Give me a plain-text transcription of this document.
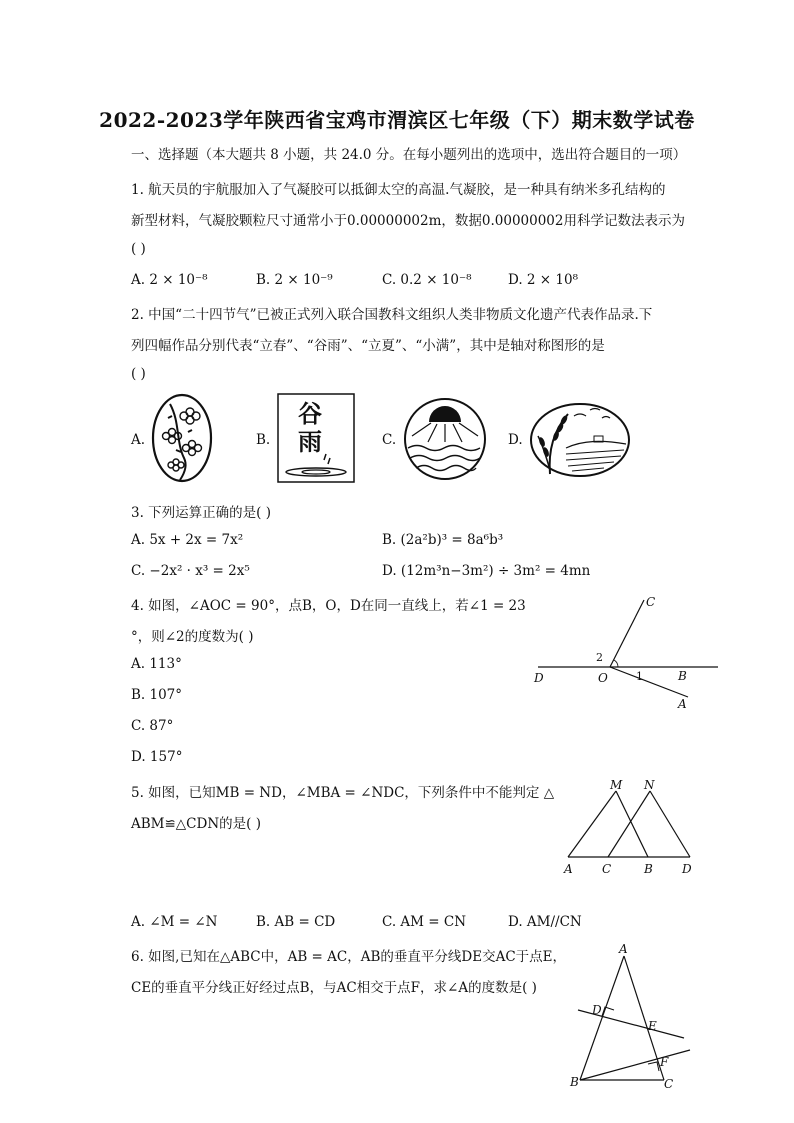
2022-2023学年陕西省宝鸡市渭滨区七年级（下）期末数学试卷
一、选择题（本大题共 8 小题，共 24.0 分。在每小题列出的选项中，选出符合题目的一项）
1. 航天员的宇航服加入了气凝胶可以抵御太空的高温.气凝胶，是一种具有纳米多孔结构的
新型材料，气凝胶颗粒尺寸通常小于0.00000002m，数据0.00000002用科学记数法表示为
( )
A. 2 × 10⁻⁸	B. 2 × 10⁻⁹	C. 0.2 × 10⁻⁸	D. 2 × 10⁸
2. 中国“二十四节气”已被正式列入联合国教科文组织人类非物质文化遗产代表作品录.下
列四幅作品分别代表“立春”、“谷雨”、“立夏”、“小满”，其中是轴对称图形的是
( )
A.	B.	C.	D.
谷
雨
3. 下列运算正确的是( )
A. 5x + 2x = 7x²	B. (2a²b)³ = 8a⁶b³
C. −2x² · x³ = 2x⁵	D. (12m³n−3m²) ÷ 3m² = 4mn
4. 如图，∠AOC = 90°，点B，O，D在同一直线上，若∠1 = 23
°，则∠2的度数为( )
A. 113°
B. 107°
C. 87°
D. 157°
C
D	O	B
A
1
2
5. 如图，已知MB = ND，∠MBA = ∠NDC，下列条件中不能判定 △
ABM≌△CDN的是( )
A. ∠M = ∠N	B. AB = CD	C. AM = CN	D. AM//CN
M N
A C	B D
6. 如图,已知在△ABC中，AB = AC，AB的垂直平分线DE交AC于点E，
CE的垂直平分线正好经过点B，与AC相交于点F，求∠A的度数是( )
A
D
E
F
B	C
